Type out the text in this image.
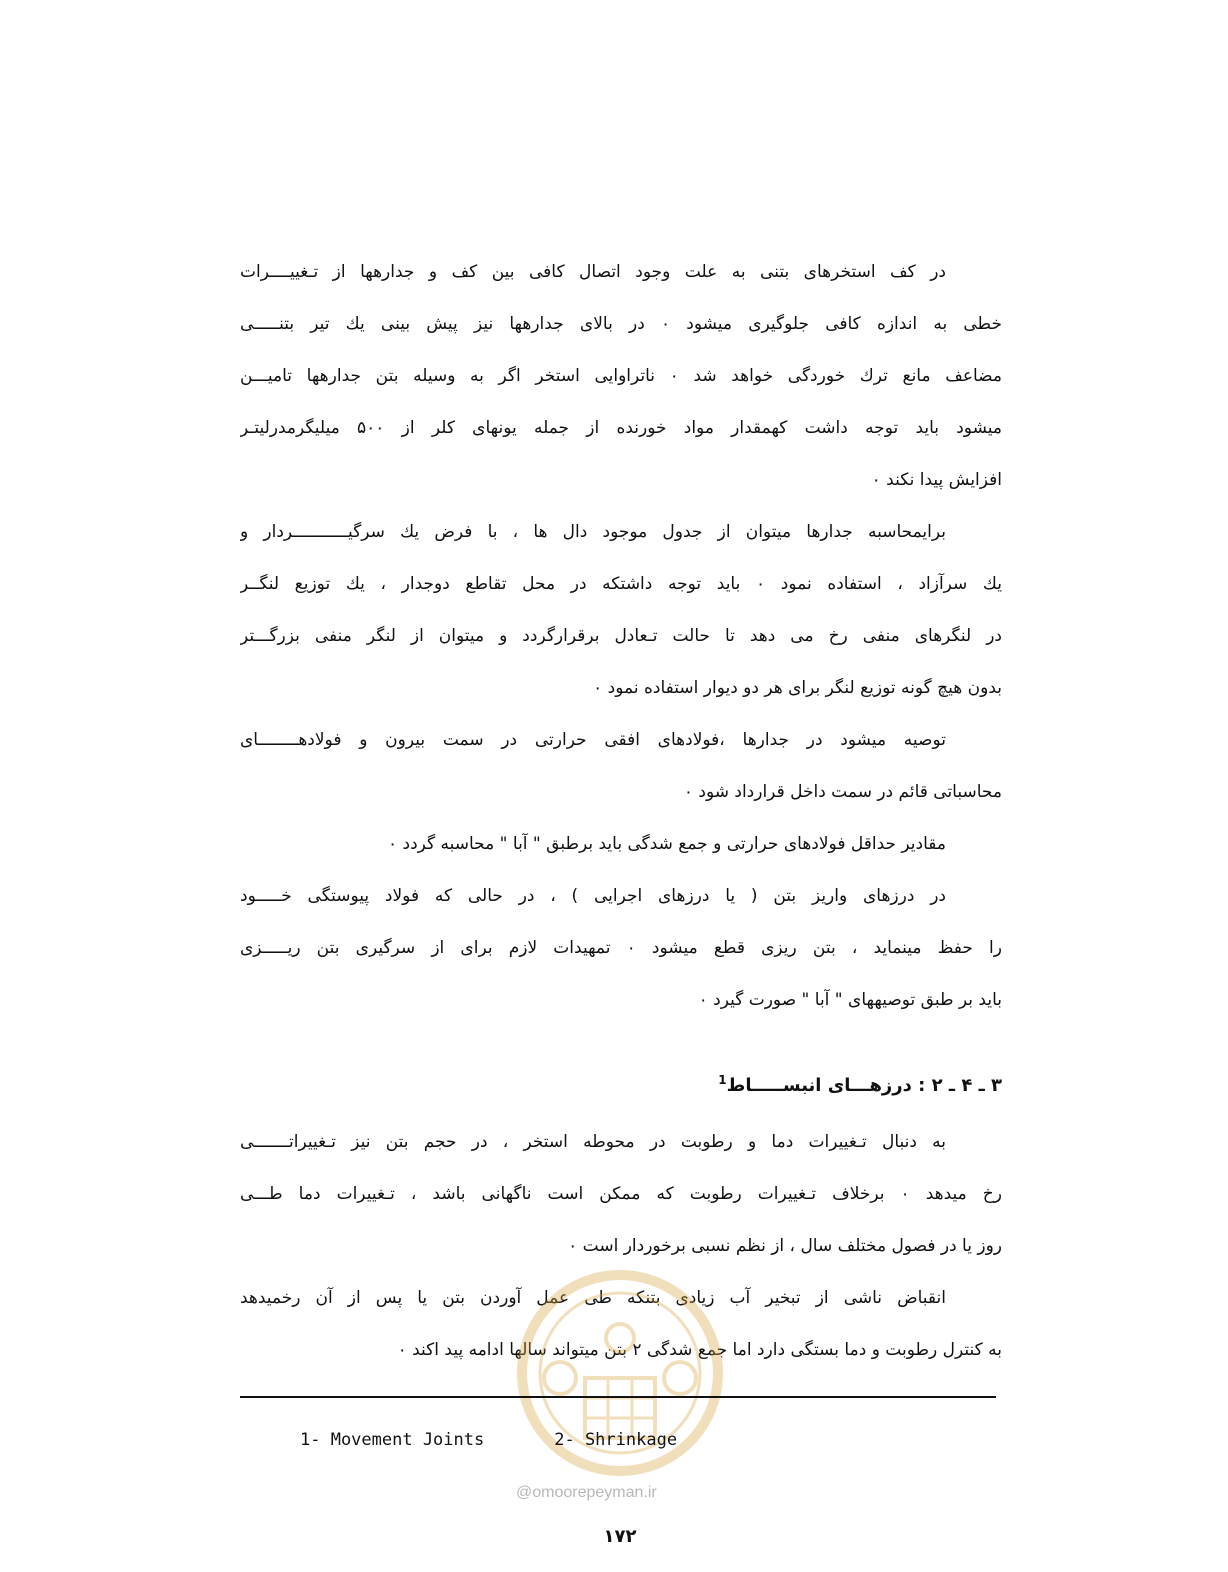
در کف استخرهای بتنی به علت وجود اتصال کافی بین کف و جدارهها از تـغییــــرات
خطی به اندازه کافی جلوگیری میشود ۰ در بالای جدارهها نیز پیش بینی یك تیر بتنـــــی
مضاعف مانع ترك خوردگی خواهد شد ۰ ناتراوایی استخر اگر به وسیله بتن جدارهها تامیـــن
میشود باید توجه داشت کهمقدار مواد خورنده از جمله یونهای کلر از ۵۰۰ میلیگرمدرلیتـر
افزایش پیدا نکند ۰
برایمحاسبه جدارها میتوان از جدول موجود دال ها ، با فرض یك سرگیـــــــــــردار و
یك سرآزاد ، استفاده نمود ۰ باید توجه داشتکه در محل تقاطع دوجدار ، یك توزیع لنگــر
در لنگرهای منفی رخ می دهد تا حالت تـعادل برقرارگردد و میتوان از لنگر منفی بزرگـــتر
بدون هیچ گونه توزیع لنگر برای هر دو دیوار استفاده نمود ۰
توصیه میشود در جدارها ،فولادهای افقی حرارتی در سمت بیرون و فولادهــــــــای
محاسباتی قائم در سمت داخل قرارداد شود ۰
مقادیر حداقل فولادهای حرارتی و جمع شدگی باید برطبق " آبا " محاسبه گردد ۰
در درزهای واریز بتن ( یا درزهای اجرایی ) ، در حالی که فولاد پیوستگی خـــــود
را حفظ مینماید ، بتن ریزی قطع میشود ۰ تمهیدات لازم برای از سرگیری بتن ریـــــزی
باید بر طبق توصیههای " آبا " صورت گیرد ۰
۳ ـ ۴ ـ ۲ : درزهـــای انبســـــاط$^1$
به دنبال تـغییرات دما و رطوبت در محوطه استخر ، در حجم بتن نیز تـغییراتـــــــی
رخ میدهد ۰ برخلاف تـغییرات رطوبت که ممکن است ناگهانی باشد ، تـغییرات دما طـــی
روز یا در فصول مختلف سال ، از نظم نسبی برخوردار است ۰
انقباض ناشی از تبخیر آب زیادی بتنکه طی عمل آوردن بتن یا پس از آن رخمیدهد
به کنترل رطوبت و دما بستگی دارد اما جمع شدگی ۲ بتن میتواند سالها ادامه پید اکند ۰
1- Movement Joints	2- Shrinkage
@omoorepeyman.ir
۱۷۲
